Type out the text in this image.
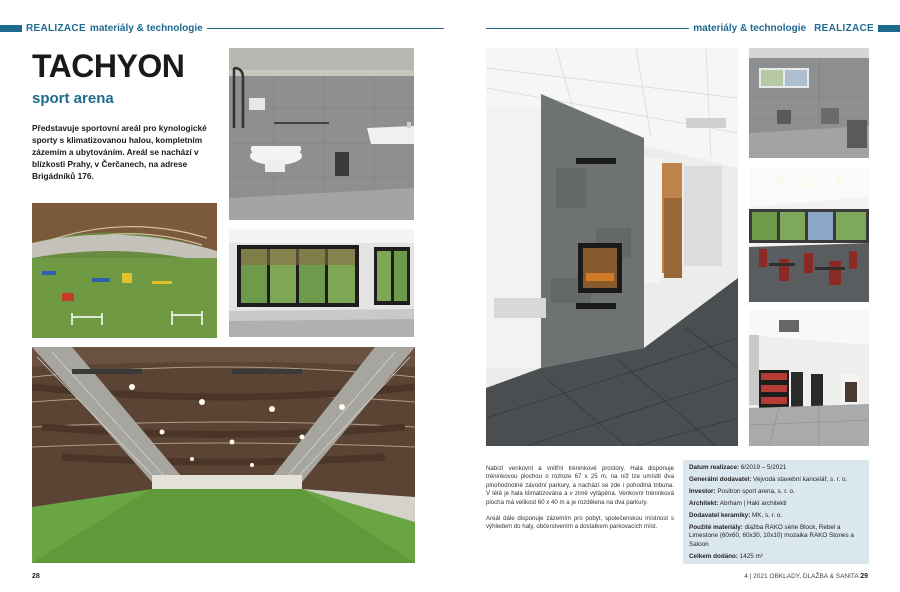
REALIZACE materiály & technologie	materiály & technologie REALIZACE
TACHYON
sport arena
Představuje sportovní areál pro kynologické sporty s klimatizovanou halou, kompletním zázemím a ubytováním. Areál se nachází v blízkosti Prahy, v Čerčanech, na adrese Brigádníků 176.

Nabízí venkovní a vnitřní tréninkové prostory. Hala disponuje tréninkovou plochou o rozloze 67 x 25 m, na níž lze umístit dva plnohodnotné závodní parkury, a nachází se zde i pohodlná tribuna. V létě je hala klimatizována a v zimě vytápěna. Venkovní tréninková plocha má velikost 60 x 40 m a je rozdělena na dva parkury.

Areál dále disponuje zázemím pro pobyt, společenskou místnost s výhledem do haly, občerstvením a dostatkem parkovacích míst.

Datum realizace: 6/2019 – 5/2021
Generální dodavatel: Vejvoda stavební kancelář, s. r. o.
Investor: Positron sport arena, s. r. o.
Architekt: Abrham | Hakl architekti
Dodavatel keramiky: MK, s. r. o.
Použité materiály: dlažba RAKO série Block, Rebel a Limestone (60x60, 60x30, 10x10) mozaika RAKO Stones a Saloon
Celkem dodáno: 1425 m²
28	4 | 2021 OBKLADY, DLAŽBA & SANITA 29
